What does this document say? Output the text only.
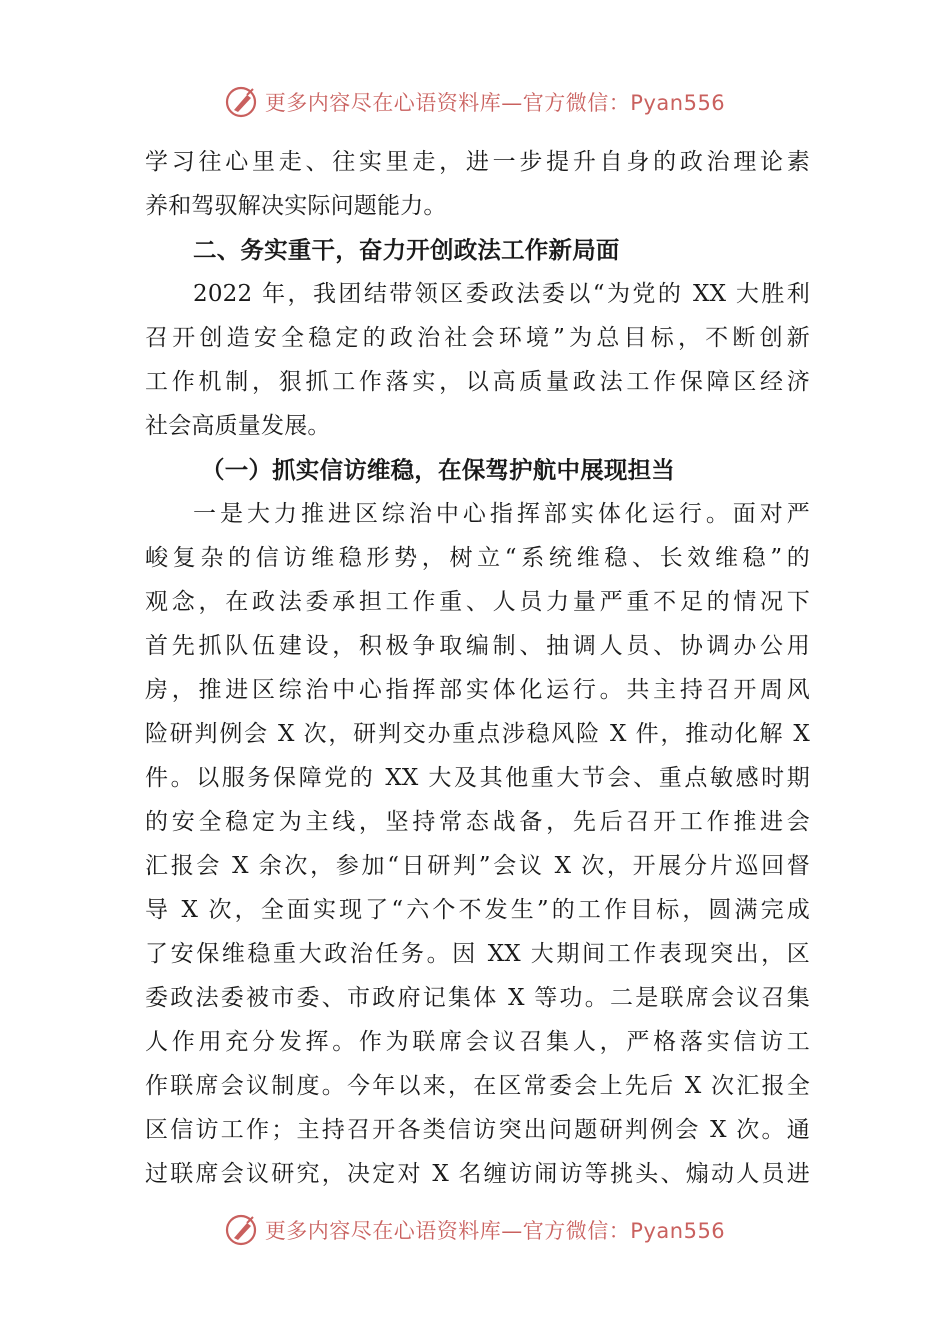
更多内容尽在心语资料库—官方微信：Pyan556
学习往心里走、往实里走，进一步提升自身的政治理论素
养和驾驭解决实际问题能力。
二、务实重干，奋力开创政法工作新局面
2022 年，我团结带领区委政法委以“为党的 XX 大胜利
召开创造安全稳定的政治社会环境”为总目标，不断创新
工作机制，狠抓工作落实，以高质量政法工作保障区经济
社会高质量发展。
（一）抓实信访维稳，在保驾护航中展现担当
一是大力推进区综治中心指挥部实体化运行。面对严
峻复杂的信访维稳形势，树立“系统维稳、长效维稳”的
观念，在政法委承担工作重、人员力量严重不足的情况下
首先抓队伍建设，积极争取编制、抽调人员、协调办公用
房，推进区综治中心指挥部实体化运行。共主持召开周风
险研判例会 X 次，研判交办重点涉稳风险 X 件，推动化解 X
件。以服务保障党的 XX 大及其他重大节会、重点敏感时期
的安全稳定为主线，坚持常态战备，先后召开工作推进会
汇报会 X 余次，参加“日研判”会议 X 次，开展分片巡回督
导 X 次，全面实现了“六个不发生”的工作目标，圆满完成
了安保维稳重大政治任务。因 XX 大期间工作表现突出，区
委政法委被市委、市政府记集体 X 等功。二是联席会议召集
人作用充分发挥。作为联席会议召集人，严格落实信访工
作联席会议制度。今年以来，在区常委会上先后 X 次汇报全
区信访工作；主持召开各类信访突出问题研判例会 X 次。通
过联席会议研究，决定对 X 名缠访闹访等挑头、煽动人员进
更多内容尽在心语资料库—官方微信：Pyan556
